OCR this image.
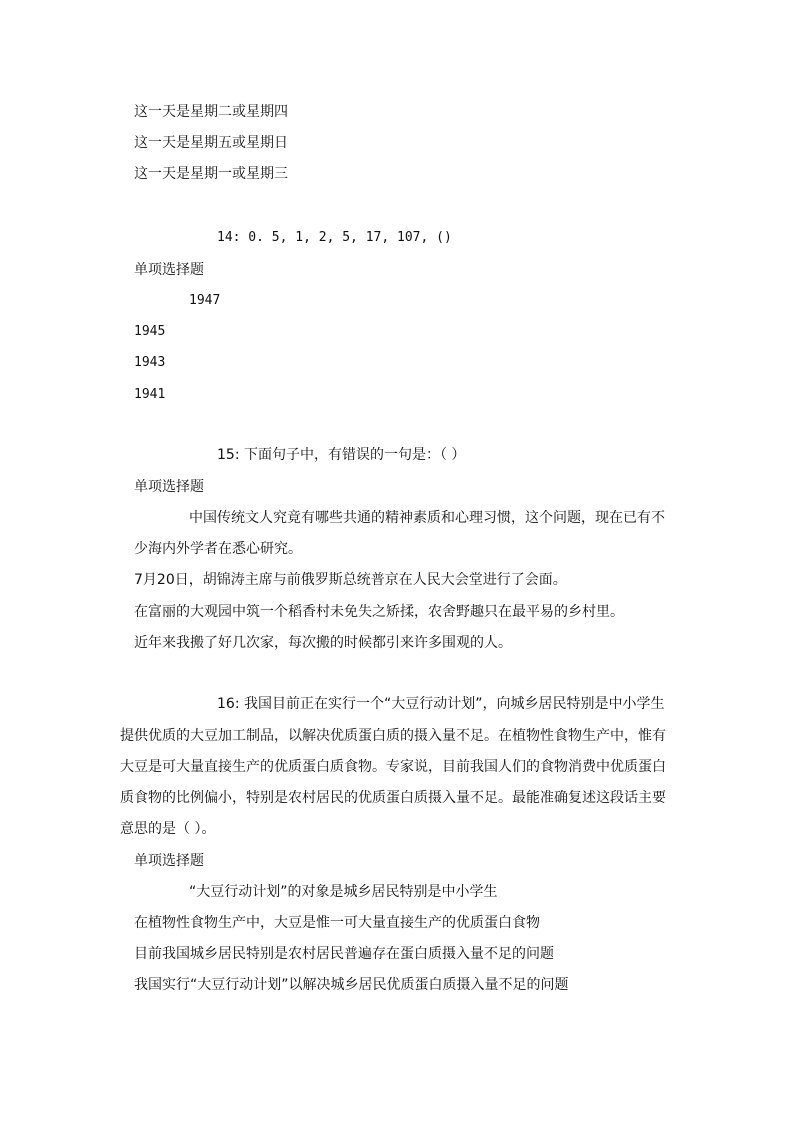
这一天是星期二或星期四
这一天是星期五或星期日
这一天是星期一或星期三
14: 0. 5, 1, 2, 5, 17, 107, ()
单项选择题
1947
1945
1943
1941
15: 下面句子中，有错误的一句是：（ ）
单项选择题
中国传统文人究竟有哪些共通的精神素质和心理习惯，这个问题，现在已有不
少海内外学者在悉心研究。
7月20日，胡锦涛主席与前俄罗斯总统普京在人民大会堂进行了会面。
在富丽的大观园中筑一个稻香村未免失之矫揉，农舍野趣只在最平易的乡村里。
近年来我搬了好几次家，每次搬的时候都引来许多围观的人。
16: 我国目前正在实行一个“大豆行动计划”，向城乡居民特别是中小学生
提供优质的大豆加工制品，以解决优质蛋白质的摄入量不足。在植物性食物生产中，惟有
大豆是可大量直接生产的优质蛋白质食物。专家说，目前我国人们的食物消费中优质蛋白
质食物的比例偏小，特别是农村居民的优质蛋白质摄入量不足。最能准确复述这段话主要
意思的是（ ）。
单项选择题
“大豆行动计划”的对象是城乡居民特别是中小学生
在植物性食物生产中，大豆是惟一可大量直接生产的优质蛋白食物
目前我国城乡居民特别是农村居民普遍存在蛋白质摄入量不足的问题
我国实行“大豆行动计划”以解决城乡居民优质蛋白质摄入量不足的问题
